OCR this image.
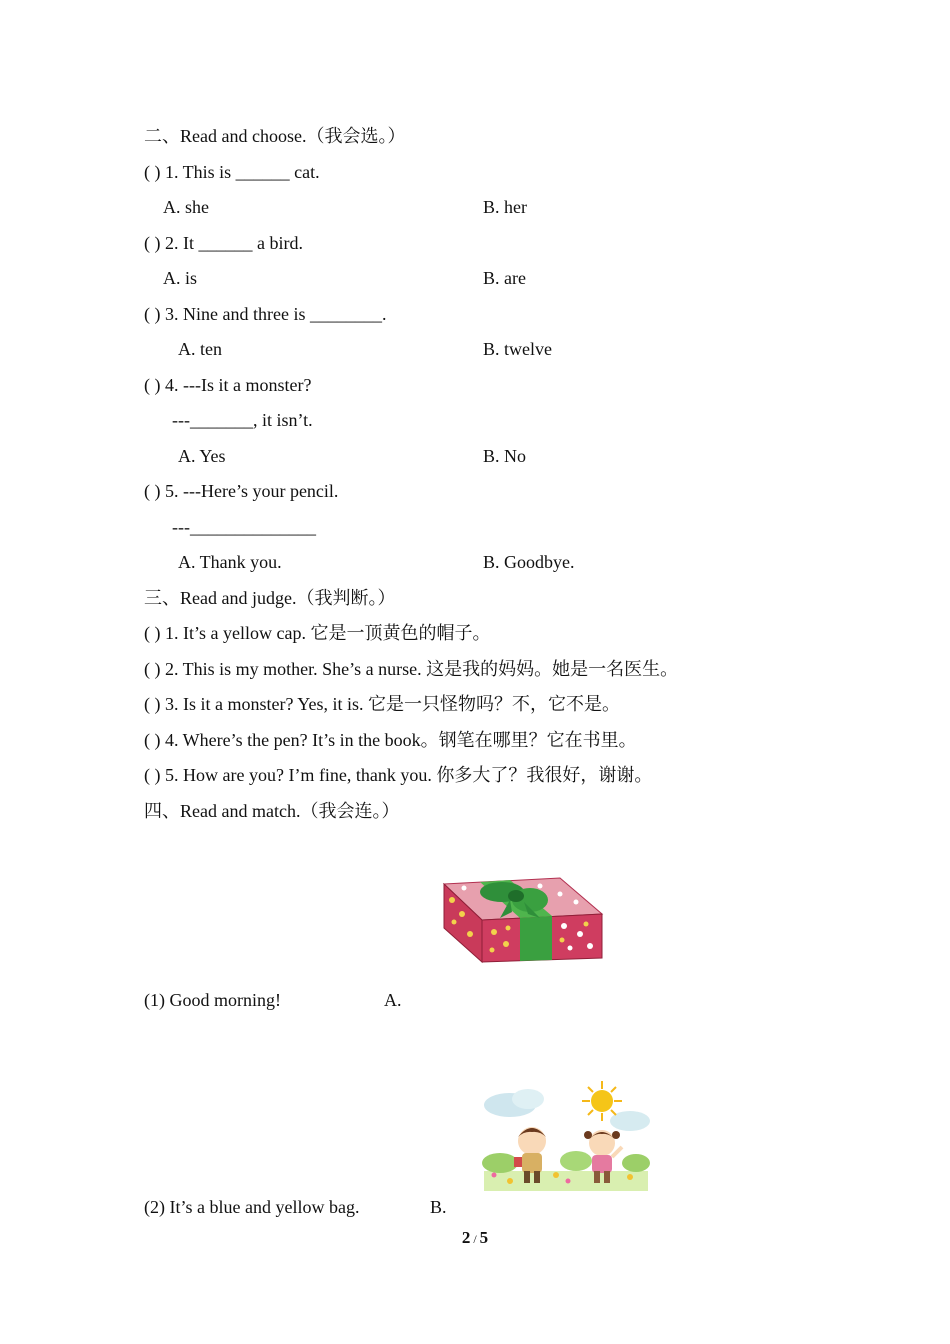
二、Read and choose.（我会选。）
( ) 1. This is ______ cat.
A. she	B. her
( ) 2. It ______ a bird.
A. is	B. are
( ) 3. Nine and three is ________.
A. ten	B. twelve
( ) 4. ---Is it a monster?
---_______, it isn’t.
A. Yes	B. No
( ) 5. ---Here’s your pencil.
---______________
A. Thank you.	B. Goodbye.
三、Read and judge.（我判断。）
( ) 1. It’s a yellow cap. 它是一顶黄色的帽子。
( ) 2. This is my mother. She’s a nurse. 这是我的妈妈。她是一名医生。
( ) 3. Is it a monster? Yes, it is. 它是一只怪物吗？不，它不是。
( ) 4. Where’s the pen? It’s in the book。钢笔在哪里？它在书里。
( ) 5. How are you? I’m fine, thank you. 你多大了？我很好，谢谢。
四、Read and match.（我会连。）
(1) Good morning!	A.
(2) It’s a blue and yellow bag.	B.
2 / 5
